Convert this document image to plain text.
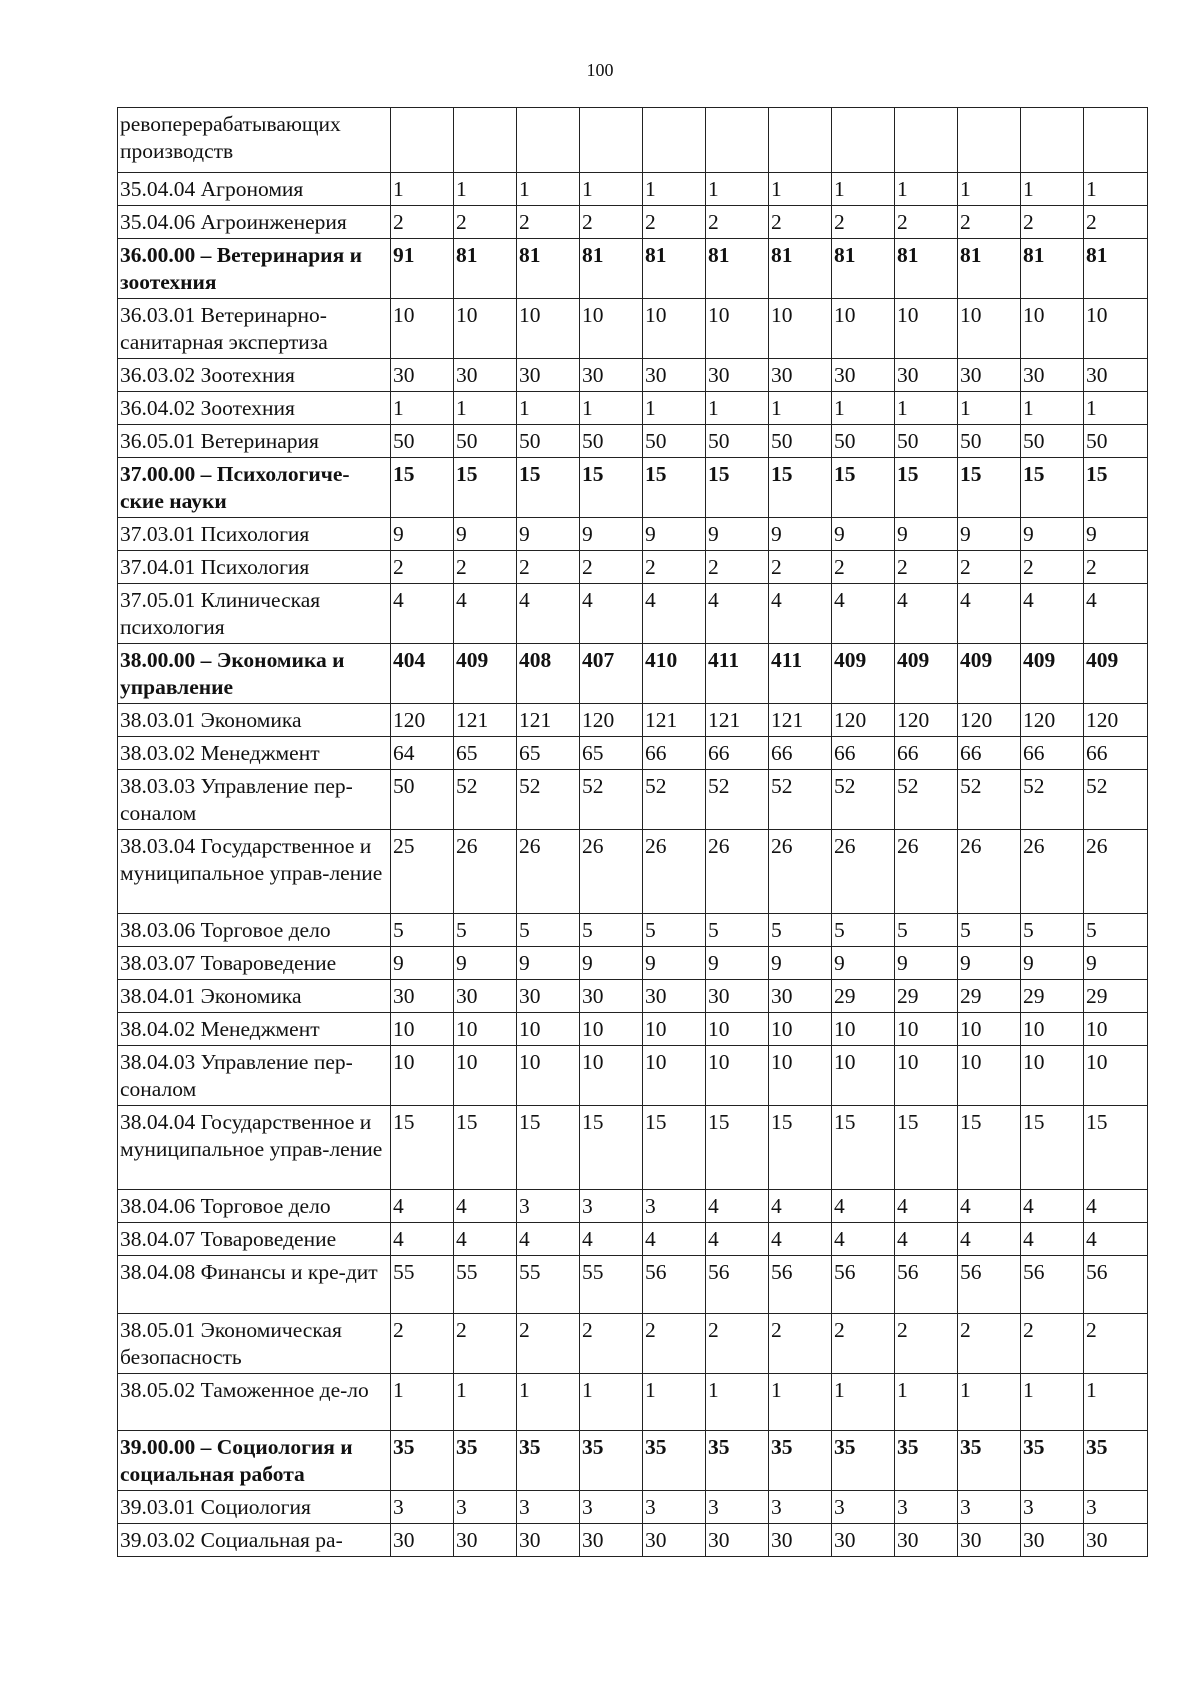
100
ревоперерабатывающих производств												
35.04.04 Агрономия	1	1	1	1	1	1	1	1	1	1	1	1
35.04.06 Агроинженерия	2	2	2	2	2	2	2	2	2	2	2	2
36.00.00 – Ветеринария и зоотехния	91	81	81	81	81	81	81	81	81	81	81	81
36.03.01 Ветеринарно-санитарная экспертиза	10	10	10	10	10	10	10	10	10	10	10	10
36.03.02 Зоотехния	30	30	30	30	30	30	30	30	30	30	30	30
36.04.02 Зоотехния	1	1	1	1	1	1	1	1	1	1	1	1
36.05.01 Ветеринария	50	50	50	50	50	50	50	50	50	50	50	50
37.00.00 – Психологиче-ские науки	15	15	15	15	15	15	15	15	15	15	15	15
37.03.01 Психология	9	9	9	9	9	9	9	9	9	9	9	9
37.04.01 Психология	2	2	2	2	2	2	2	2	2	2	2	2
37.05.01 Клиническая психология	4	4	4	4	4	4	4	4	4	4	4	4
38.00.00 – Экономика и управление	404	409	408	407	410	411	411	409	409	409	409	409
38.03.01 Экономика	120	121	121	120	121	121	121	120	120	120	120	120
38.03.02 Менеджмент	64	65	65	65	66	66	66	66	66	66	66	66
38.03.03 Управление пер-соналом	50	52	52	52	52	52	52	52	52	52	52	52
38.03.04 Государственное и муниципальное управ-ление	25	26	26	26	26	26	26	26	26	26	26	26
38.03.06 Торговое дело	5	5	5	5	5	5	5	5	5	5	5	5
38.03.07 Товароведение	9	9	9	9	9	9	9	9	9	9	9	9
38.04.01 Экономика	30	30	30	30	30	30	30	29	29	29	29	29
38.04.02 Менеджмент	10	10	10	10	10	10	10	10	10	10	10	10
38.04.03 Управление пер-соналом	10	10	10	10	10	10	10	10	10	10	10	10
38.04.04 Государственное и муниципальное управ-ление	15	15	15	15	15	15	15	15	15	15	15	15
38.04.06 Торговое дело	4	4	3	3	3	4	4	4	4	4	4	4
38.04.07 Товароведение	4	4	4	4	4	4	4	4	4	4	4	4
38.04.08 Финансы и кре-дит	55	55	55	55	56	56	56	56	56	56	56	56
38.05.01 Экономическая безопасность	2	2	2	2	2	2	2	2	2	2	2	2
38.05.02 Таможенное де-ло	1	1	1	1	1	1	1	1	1	1	1	1
39.00.00 – Социология и социальная работа	35	35	35	35	35	35	35	35	35	35	35	35
39.03.01 Социология	3	3	3	3	3	3	3	3	3	3	3	3
39.03.02 Социальная ра-	30	30	30	30	30	30	30	30	30	30	30	30
